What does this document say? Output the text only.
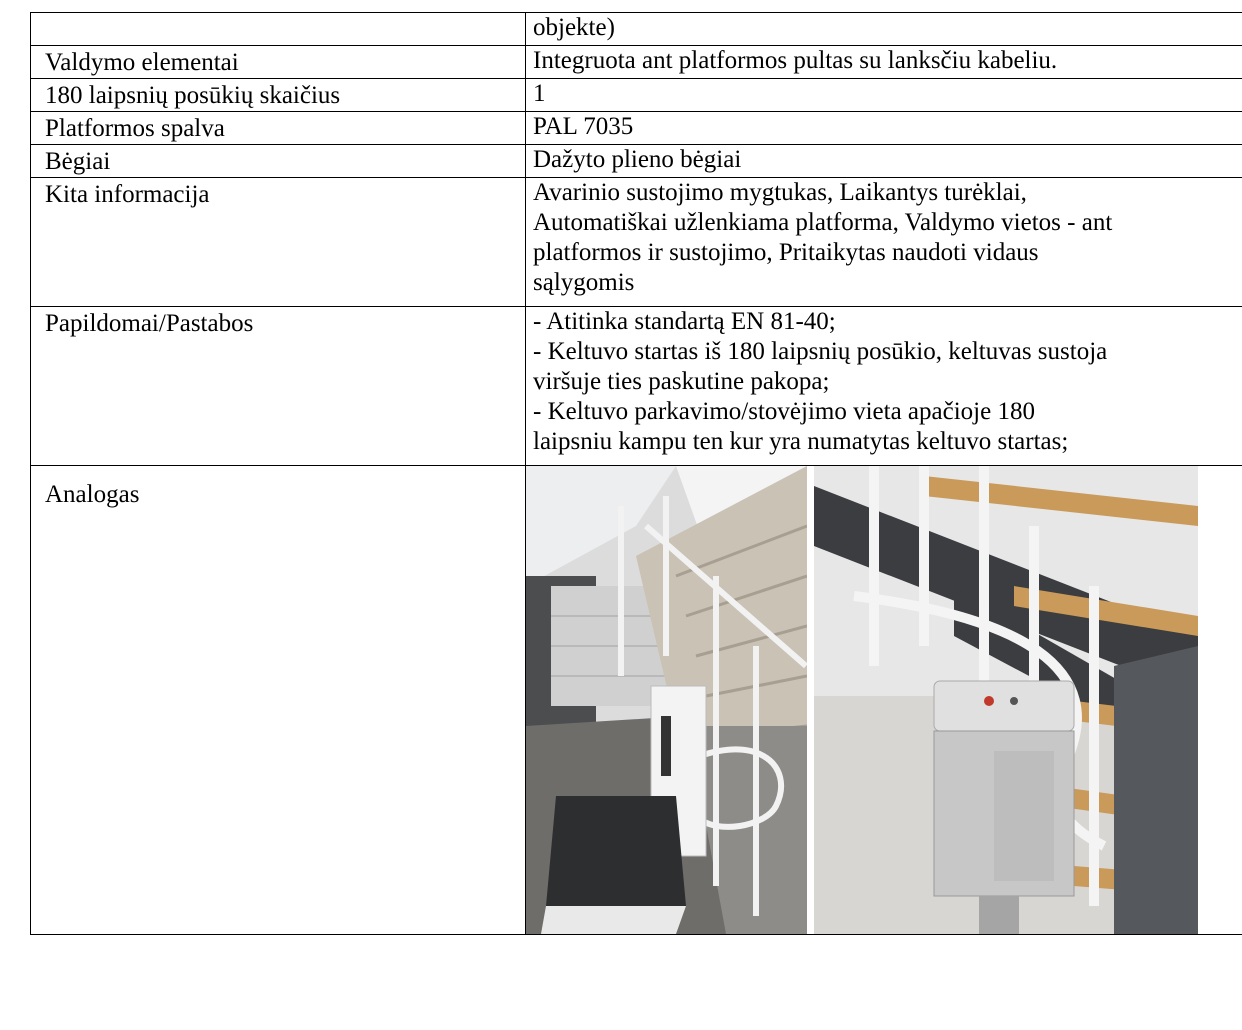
	objekte)

Valdymo elementai	Integruota ant platformos pultas su lanksčiu kabeliu.

180 laipsnių posūkių skaičius	1

Platformos spalva	PAL 7035

Bėgiai	Dažyto plieno bėgiai

Kita informacija	Avarinio sustojimo mygtukas, Laikantys turėklai,
Automatiškai užlenkiama platforma, Valdymo vietos - ant
platformos ir sustojimo, Pritaikytas naudoti vidaus
sąlygomis

Papildomai/Pastabos	- Atitinka standartą EN 81-40;
- Keltuvo startas iš 180 laipsnių posūkio, keltuvas sustoja
viršuje ties paskutine pakopa;
- Keltuvo parkavimo/stovėjimo vieta apačioje 180
laipsniu kampu ten kur yra numatytas keltuvo startas;

Analogas
